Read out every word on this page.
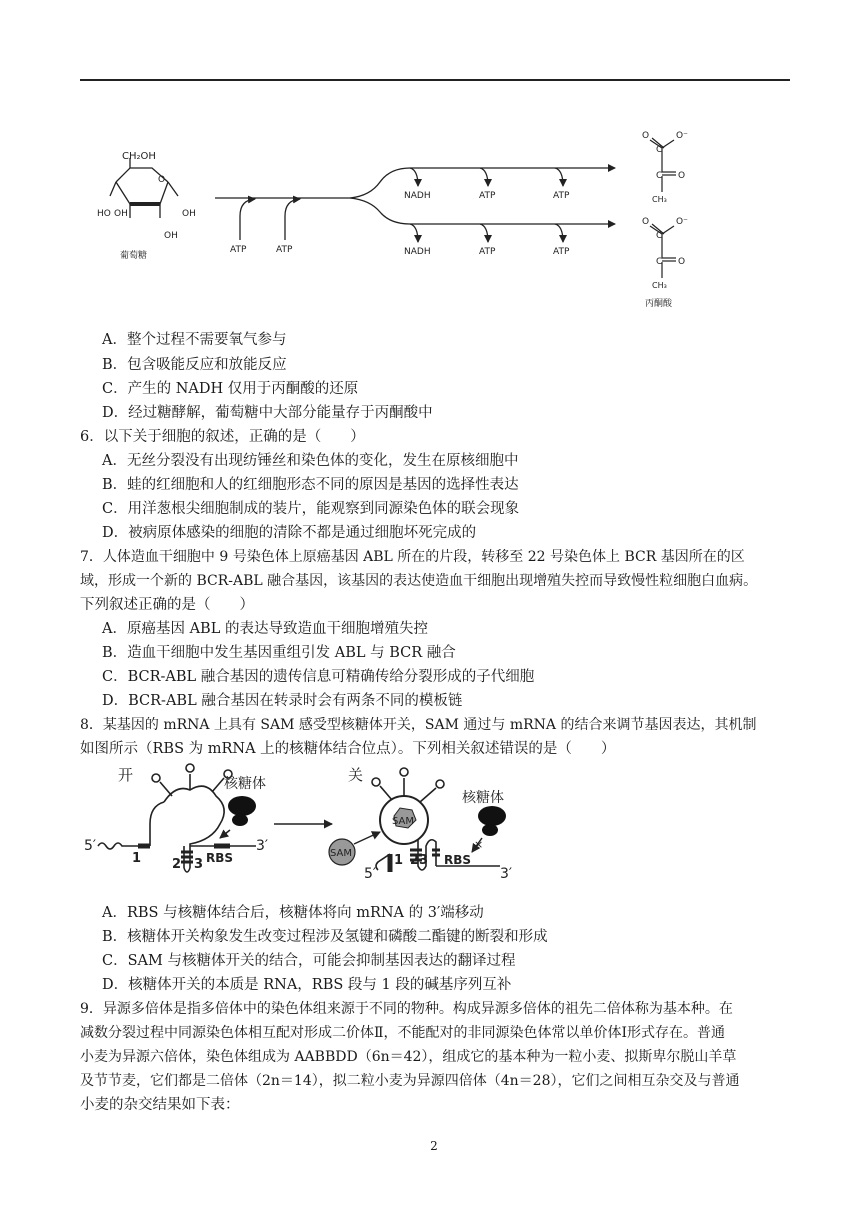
CH₂OH
O
HO OH	OH
OH
葡萄糖
ATP	ATP
NADH	ATP	ATP
NADH	ATP	ATP
O	O⁻
C
C O
CH₃
O	O⁻
C
C O
CH₃
丙酮酸
A．整个过程不需要氧气参与
B．包含吸能反应和放能反应
C．产生的 NADH 仅用于丙酮酸的还原
D．经过糖酵解，葡萄糖中大部分能量存于丙酮酸中
6．以下关于细胞的叙述，正确的是（　　）
A．无丝分裂没有出现纺锤丝和染色体的变化，发生在原核细胞中
B．蛙的红细胞和人的红细胞形态不同的原因是基因的选择性表达
C．用洋葱根尖细胞制成的装片，能观察到同源染色体的联会现象
D．被病原体感染的细胞的清除不都是通过细胞坏死完成的
7．人体造血干细胞中 9 号染色体上原癌基因 ABL 所在的片段，转移至 22 号染色体上 BCR 基因所在的区
域，形成一个新的 BCR-ABL 融合基因，该基因的表达使造血干细胞出现增殖失控而导致慢性粒细胞白血病。
下列叙述正确的是（　　）
A．原癌基因 ABL 的表达导致造血干细胞增殖失控
B．造血干细胞中发生基因重组引发 ABL 与 BCR 融合
C．BCR-ABL 融合基因的遗传信息可精确传给分裂形成的子代细胞
D．BCR-ABL 融合基因在转录时会有两条不同的模板链
8．某基因的 mRNA 上具有 SAM 感受型核糖体开关，SAM 通过与 mRNA 的结合来调节基因表达，其机制
如图所示（RBS 为 mRNA 上的核糖体结合位点）。下列相关叙述错误的是（　　）
开
5′	3′
1 2 3 RBS
核糖体	关
SAM
SAM
5′	3′
1 23 RBS
×
核糖体
A．RBS 与核糖体结合后，核糖体将向 mRNA 的 3′端移动
B．核糖体开关构象发生改变过程涉及氢键和磷酸二酯键的断裂和形成
C．SAM 与核糖体开关的结合，可能会抑制基因表达的翻译过程
D．核糖体开关的本质是 RNA，RBS 段与 1 段的碱基序列互补
9．异源多倍体是指多倍体中的染色体组来源于不同的物种。构成异源多倍体的祖先二倍体称为基本种。在
减数分裂过程中同源染色体相互配对形成二价体Ⅱ，不能配对的非同源染色体常以单价体Ⅰ形式存在。普通
小麦为异源六倍体，染色体组成为 AABBDD（6n＝42），组成它的基本种为一粒小麦、拟斯卑尔脱山羊草
及节节麦，它们都是二倍体（2n＝14），拟二粒小麦为异源四倍体（4n＝28），它们之间相互杂交及与普通
小麦的杂交结果如下表：
2
